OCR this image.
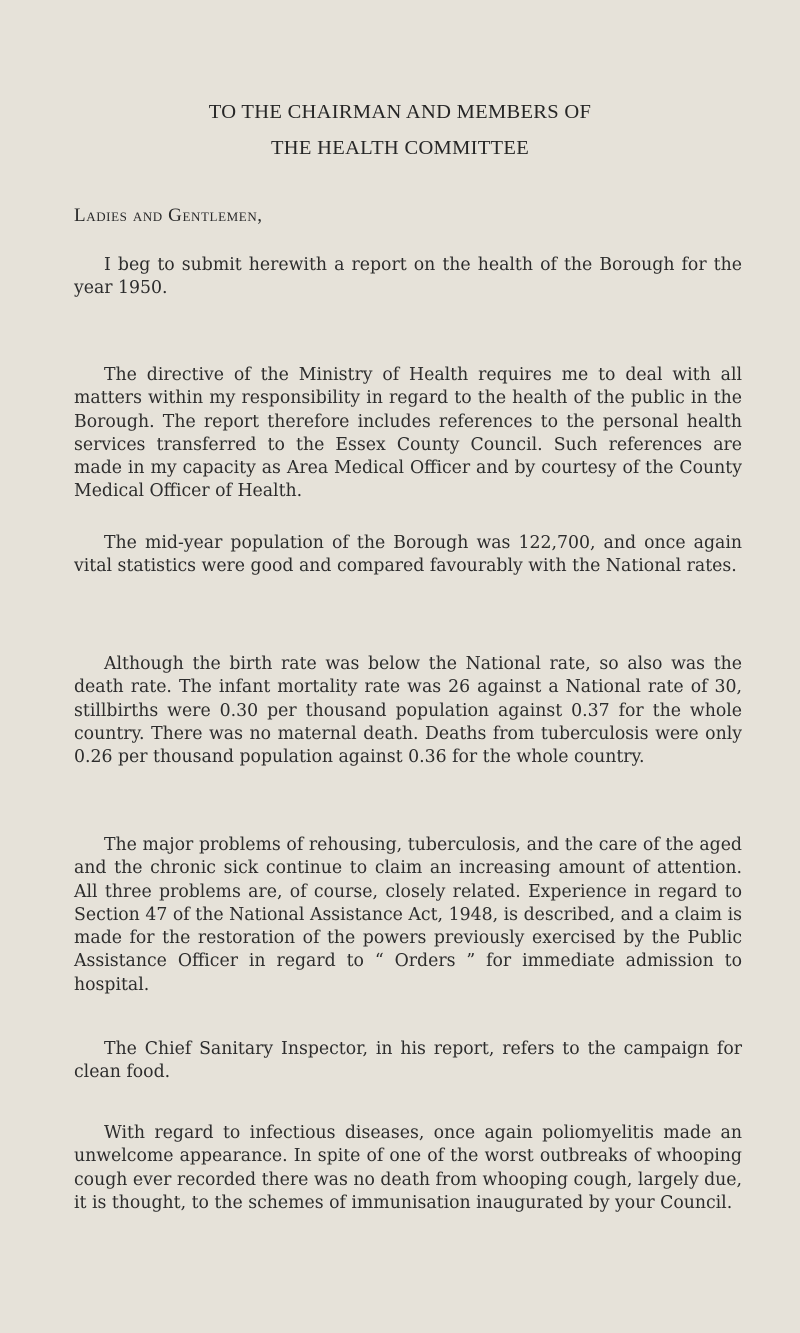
TO THE CHAIRMAN AND MEMBERS OF
THE HEALTH COMMITTEE
Ladies and Gentlemen,

I beg to submit herewith a report on the health of the Borough for the year 1950.

The directive of the Ministry of Health requires me to deal with all matters within my responsibility in regard to the health of the public in the Borough. The report therefore includes references to the personal health services transferred to the Essex County Council. Such references are made in my capacity as Area Medical Officer and by courtesy of the County Medical Officer of Health.

The mid-year population of the Borough was 122,700, and once again vital statistics were good and compared favourably with the National rates.

Although the birth rate was below the National rate, so also was the death rate. The infant mortality rate was 26 against a National rate of 30, stillbirths were 0.30 per thousand population against 0.37 for the whole country. There was no maternal death. Deaths from tuberculosis were only 0.26 per thousand population against 0.36 for the whole country.

The major problems of rehousing, tuberculosis, and the care of the aged and the chronic sick continue to claim an increasing amount of attention. All three problems are, of course, closely related. Experience in regard to Section 47 of the National Assistance Act, 1948, is described, and a claim is made for the restoration of the powers previously exercised by the Public Assistance Officer in regard to “ Orders ” for immediate admission to hospital.

The Chief Sanitary Inspector, in his report, refers to the campaign for clean food.

With regard to infectious diseases, once again poliomyelitis made an unwelcome appearance. In spite of one of the worst outbreaks of whooping cough ever recorded there was no death from whooping cough, largely due, it is thought, to the schemes of immunisation inaugurated by your Council.
